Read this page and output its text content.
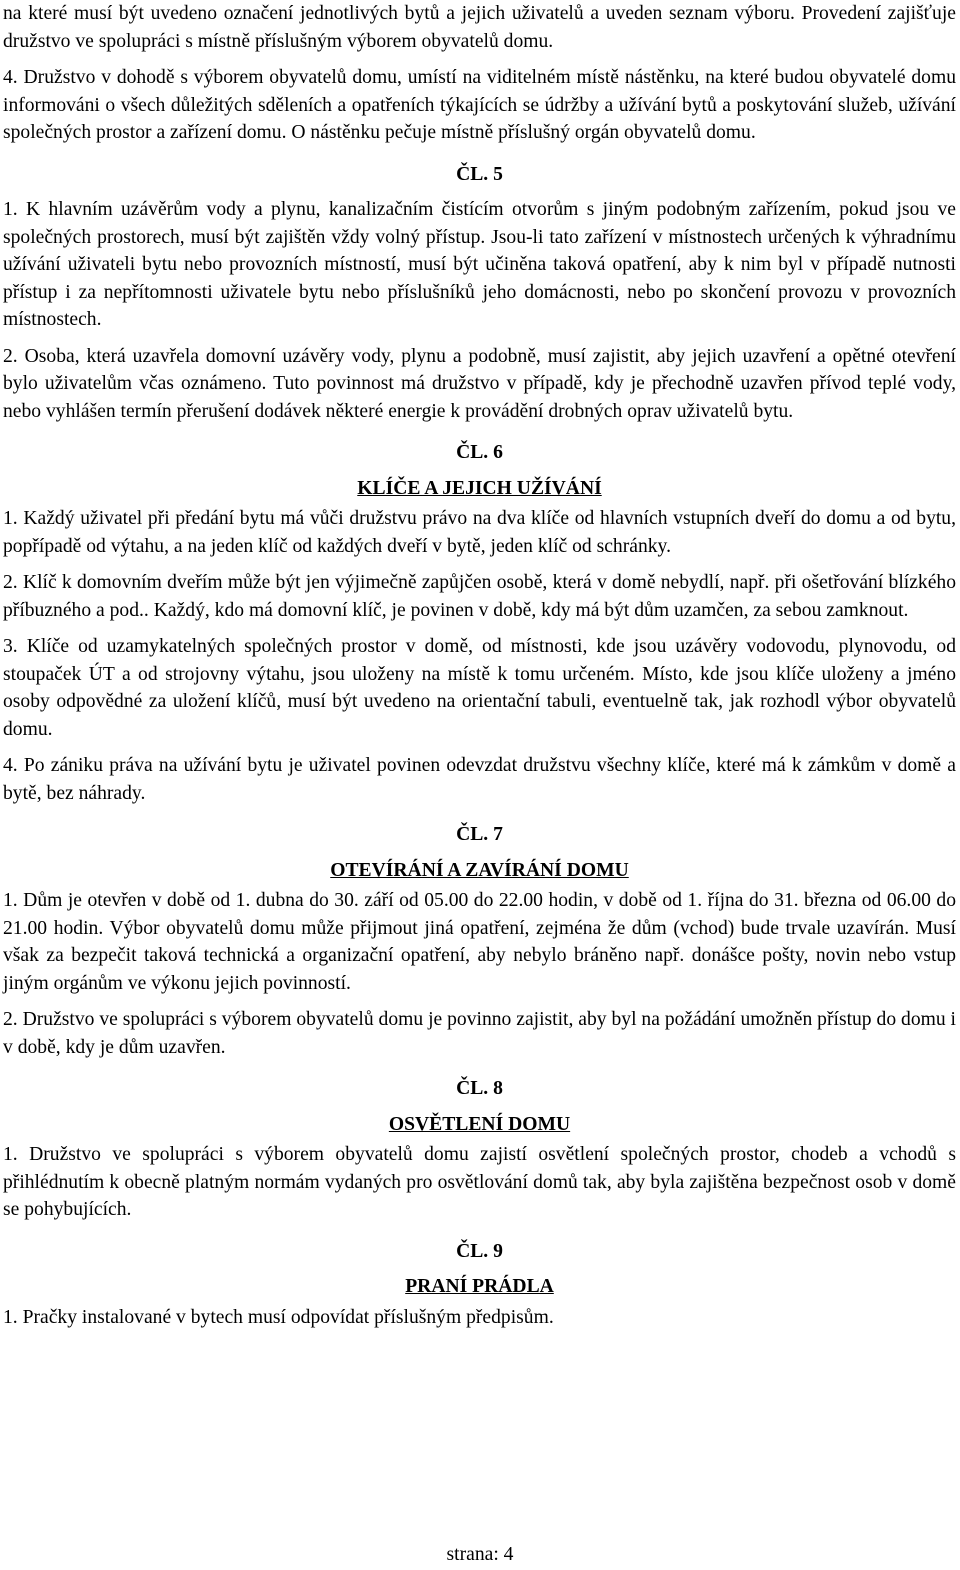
na které musí být uvedeno označení jednotlivých bytů a jejich uživatelů a uveden seznam výboru. Provedení zajišťuje družstvo ve spolupráci s místně příslušným výborem obyvatelů domu.

4. Družstvo v dohodě s výborem obyvatelů domu, umístí na viditelném místě nástěnku, na které budou obyvatelé domu informováni o všech důležitých sděleních a opatřeních týkajících se údržby a užívání bytů a poskytování služeb, užívání společných prostor a zařízení domu. O nástěnku pečuje místně příslušný orgán obyvatelů domu.

ČL. 5

1. K hlavním uzávěrům vody a plynu, kanalizačním čistícím otvorům s jiným podobným zařízením, pokud jsou ve společných prostorech, musí být zajištěn vždy volný přístup. Jsou-li tato zařízení v místnostech určených k výhradnímu užívání uživateli bytu nebo provozních místností, musí být učiněna taková opatření, aby k nim byl v případě nutnosti přístup i za nepřítomnosti uživatele bytu nebo příslušníků jeho domácnosti, nebo po skončení provozu v provozních místnostech.

2. Osoba, která uzavřela domovní uzávěry vody, plynu a podobně, musí zajistit, aby jejich uzavření a opětné otevření bylo uživatelům včas oznámeno. Tuto povinnost má družstvo v případě, kdy je přechodně uzavřen přívod teplé vody, nebo vyhlášen termín přerušení dodávek některé energie k provádění drobných oprav uživatelů bytu.

ČL. 6
KLÍČE A JEJICH UŽÍVÁNÍ

1. Každý uživatel při předání bytu má vůči družstvu právo na dva klíče od hlavních vstupních dveří do domu a od bytu, popřípadě od výtahu, a na jeden klíč od každých dveří v bytě, jeden klíč od schránky.

2. Klíč k domovním dveřím může být jen výjimečně zapůjčen osobě, která v domě nebydlí, např. při ošetřování blízkého příbuzného a pod.. Každý, kdo má domovní klíč, je povinen v době, kdy má být dům uzamčen, za sebou zamknout.

3. Klíče od uzamykatelných společných prostor v domě, od místnosti, kde jsou uzávěry vodovodu, plynovodu, od stoupaček ÚT a od strojovny výtahu, jsou uloženy na místě k tomu určeném. Místo, kde jsou klíče uloženy a jméno osoby odpovědné za uložení klíčů, musí být uvedeno na orientační tabuli, eventuelně tak, jak rozhodl výbor obyvatelů domu.

4. Po zániku práva na užívání bytu je uživatel povinen odevzdat družstvu všechny klíče, které má k zámkům v domě a bytě, bez náhrady.

ČL. 7
OTEVÍRÁNÍ A ZAVÍRÁNÍ DOMU

1. Dům je otevřen v době od 1. dubna do 30. září od 05.00 do 22.00 hodin, v době od 1. října do 31. března od 06.00 do 21.00 hodin. Výbor obyvatelů domu může přijmout jiná opatření, zejména že dům (vchod) bude trvale uzavírán. Musí však za bezpečit taková technická a organizační opatření, aby nebylo bráněno např. donášce pošty, novin nebo vstup jiným orgánům ve výkonu jejich povinností.

2. Družstvo ve spolupráci s výborem obyvatelů domu je povinno zajistit, aby byl na požádání umožněn přístup do domu i v době, kdy je dům uzavřen.

ČL. 8
OSVĚTLENÍ DOMU

1. Družstvo ve spolupráci s výborem obyvatelů domu zajistí osvětlení společných prostor, chodeb a vchodů s přihlédnutím k obecně platným normám vydaných pro osvětlování domů tak, aby byla zajištěna bezpečnost osob v domě se pohybujících.

ČL. 9
PRANÍ PRÁDLA

1. Pračky instalované v bytech musí odpovídat příslušným předpisům.

strana: 4
